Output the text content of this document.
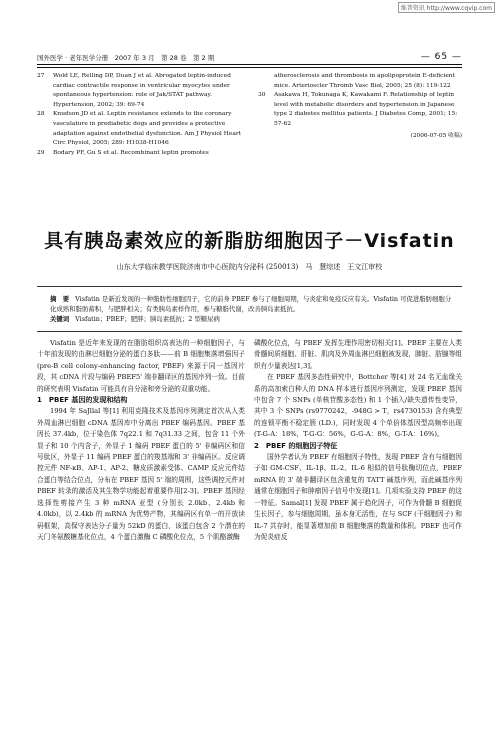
维普资讯 http://www.cqvip.com
国外医学 · 老年医学分册　2007 年 3 月　第 28 卷　第 2 期	— 65 —
27	Wold LE, Relling DP, Duan J et al. Abrogated leptin-induced cardiac contractile response in ventricular myocytes under spontaneous hypertension: role of Jak/STAT pathway. Hypertension, 2002; 39: 69-74
28	Knudson JD et al. Leptin resistance extends to the coronary vasculature in prediabetic dogs and provides a protective adaptation against endothelial dysfunction. Am J Physiol Heart Circ Physiol, 2005; 289: H1038-H1046
29	Bodary PF, Gu S et al. Recombinant leptin promotes
atherosclerosis and thrombosis in apolipoprotein E-deficient mice. Arterioscler Thromb Vasc Biol, 2005; 25 (8): 119-122
30	Asakawa H, Tokunaga K, Kawakami F. Relationship of leptin level with metabolic disorders and hypertension in Japanese type 2 diabetes mellitus patients. J Diabetes Comp, 2001; 15: 57-62
(2006-07-05 收稿)
具有胰岛素效应的新脂肪细胞因子－Visfatin
山东大学临床教学医院济南市中心医院内分泌科 (250013)　马　慧综述　王文江审校
摘　要 Visfatin 是新近发现的一种脂肪性细胞因子，它的前身 PBEF 参与了细胞周期，与炎症和免疫反应有关。Visfatin 可促进脂肪细胞分化成熟和脂肪蓄积，与肥胖相关；有类胰岛素样作用，参与糖脂代谢，改善胰岛素抵抗。
关键词 Visfatin；PBEF；肥胖；胰岛素抵抗；2 型糖尿病

Visfatin 是近年来发现的在脂肪组织高表达的一种细胞因子，与十年前发现的由淋巴细胞分泌的蛋白多肽——前 B 细胞集落增强因子 (pre-B cell colony-enhancing factor, PBEF) 来源于同一基因片段，其 cDNA 片段与编码 PBEF5' 端非翻译区的基因序列一致。目前的研究表明 Visfatin 可能具有自分泌和旁分泌的双重功能。

1　PBEF 基因的发现和结构

1994 年 SaJllal 等[1] 利用克隆技术及基因序列测定首次从人类外周血淋巴细胞 cDNA 基因库中分离出 PBEF 编码基因。PBEF 基因长 37.4kb，位于染色体 7q22.1 和 7q31.33 之间，包含 11 个外显子和 10 个内含子，外显子 1 编码 PBEF 蛋白的 5' 非编码区和信号肽区，外显子 11 编码 PBEF 蛋白的羧基端和 3' 非编码区。反应调控元件 NF-κB、AP-1、AP-2、糖皮质激素受体、CAMP 反应元件结合蛋白等结合位点，分布在 PBEF 基因 5' 端的周围，这些调控元件对 PBEF 转录的激活及其生物学功能起着重要作用[2-3]。PBEF 基因经选择性剪接产生 3 种 mRNA 亚型 (分别长 2.0kb、2.4kb 和 4.0kb)，以 2.4kb 的 mRNA 为优势产物，其编码区有单一的开放读码框架，高保守表达分子量为 52kD 的蛋白，该蛋白包含 2 个潜在的天门冬氨酸糖基化位点，4 个蛋白激酶 C 磷酸化位点，5 个肌酪激酶

磷酸化位点，与 PBEF 发挥生理作用密切相关[1]。PBEF 主要在人类骨髓间质细胞、肝脏、肌肉及外周血淋巴细胞被发现，肺脏、肪腺等组织有少量表达[1,3]。

在 PBEF 基因多态性研究中，Bottcher 等[4] 对 24 名无血缘关系的高加索白种人的 DNA 样本进行基因序列测定，发现 PBEF 基因中包含 7 个 SNPs (单核苷酸多态性) 和 1 个插入/缺失遗传性变异，其中 3 个 SNPs (rs9770242，-948G > T，rs4730153) 含有典型的连锁平衡不稳定簇 (LD.)，同时发现 4 个单倍体基因型高频率出现 (T-G-A：18%，T-G-G：56%，G-G-A：8%，G-T-A：16%)。

2　PBEF 的细胞因子特征

国外学者认为 PBEF 有细胞因子特性，发现 PBEF 含有与细胞因子如 GM-CSF、IL-1β、IL-2、IL-6 相似的信号肽酶切位点，PBEF mRNA 的 3' 端非翻译区包含重复的 TATT 碱基序列，而此碱基序列通常在细胞因子和肿瘤因子信号中发现[1]。几项实验支持 PBEF 的这一特征。Samal[1] 发现 PBEF 属于趋化因子，可作为骨髓 B 细胞促生长因子，参与细胞周期，虽本身无活性，在与 SCF (干细胞因子) 和 IL-7 共存时，能显著增加前 B 细胞集落的数量和体积。PBEF 也可作为促炎症反
